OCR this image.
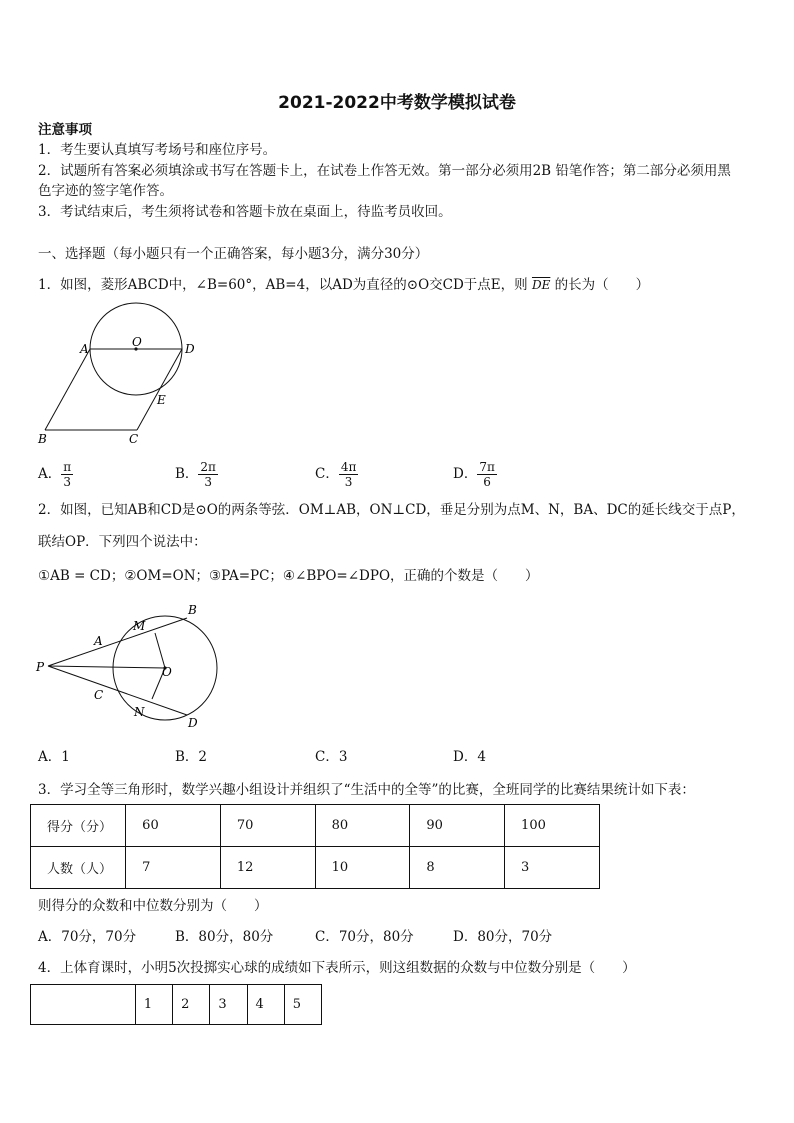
2021-2022中考数学模拟试卷
注意事项
1．考生要认真填写考场号和座位序号。
2．试题所有答案必须填涂或书写在答题卡上，在试卷上作答无效。第一部分必须用2B 铅笔作答；第二部分必须用黑
色字迹的签字笔作答。
3．考试结束后，考生须将试卷和答题卡放在桌面上，待监考员收回。
一、选择题（每小题只有一个正确答案，每小题3分，满分30分）
1．如图，菱形ABCD中，∠B=60°，AB=4，以AD为直径的⊙O交CD于点E，则 $\overline{DE}$ 的长为（　　）
A	O	D
E
B	C
A． $\frac{\pi}{3}$	B． $\frac{2\pi}{3}$	C． $\frac{4\pi}{3}$	D． $\frac{7\pi}{6}$
2．如图，已知AB和CD是⊙O的两条等弦．OM⊥AB，ON⊥CD，垂足分别为点M、N，BA、DC的延长线交于点P，
联结OP．下列四个说法中：
①AB = CD；②OM=ON；③PA=PC；④∠BPO=∠DPO，正确的个数是（　　）
P
A
M
B
O
C
N
D
A．1	B．2	C．3	D．4
3．学习全等三角形时，数学兴趣小组设计并组织了“生活中的全等”的比赛，全班同学的比赛结果统计如下表：
得分（分）	60	70	80	90	100
人数（人）	7	12	10	8	3
则得分的众数和中位数分别为（　　）
A．70分，70分	B．80分，80分	C．70分，80分	D．80分，70分
4．上体育课时，小明5次投掷实心球的成绩如下表所示，则这组数据的众数与中位数分别是（　　）
	1	2	3	4	5
